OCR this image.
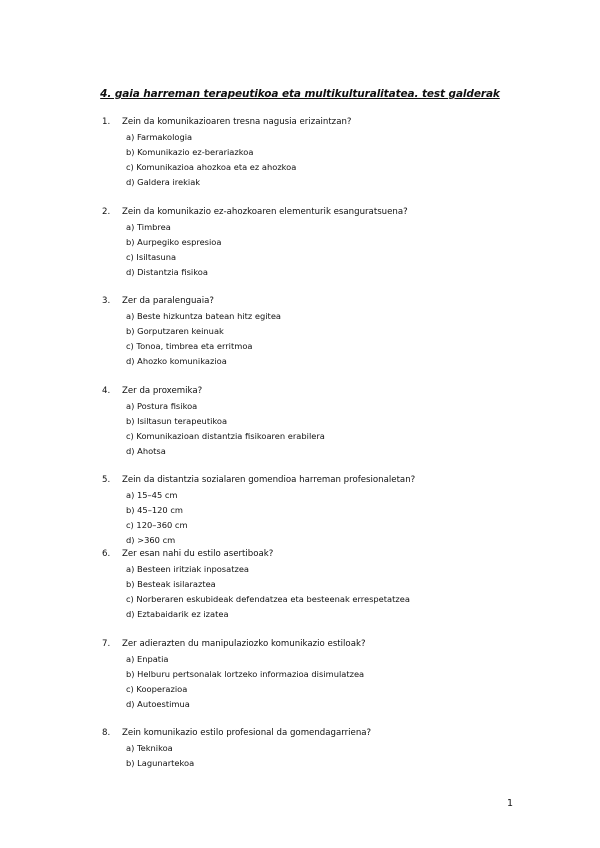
4. gaia harreman terapeutikoa eta multikulturalitatea. test galderak
1.	Zein da komunikazioaren tresna nagusia erizaintzan?
a) Farmakologia
b) Komunikazio ez-berariazkoa
c) Komunikazioa ahozkoa eta ez ahozkoa
d) Galdera irekiak
2.	Zein da komunikazio ez-ahozkoaren elementurik esanguratsuena?
a) Timbrea
b) Aurpegiko espresioa
c) Isiltasuna
d) Distantzia fisikoa
3.	Zer da paralenguaia?
a) Beste hizkuntza batean hitz egitea
b) Gorputzaren keinuak
c) Tonoa, timbrea eta erritmoa
d) Ahozko komunikazioa
4.	Zer da proxemika?
a) Postura fisikoa
b) Isiltasun terapeutikoa
c) Komunikazioan distantzia fisikoaren erabilera
d) Ahotsa
5.	Zein da distantzia sozialaren gomendioa harreman profesionaletan?
a) 15–45 cm
b) 45–120 cm
c) 120–360 cm
d) >360 cm
6.	Zer esan nahi du estilo asertiboak?
a) Besteen iritziak inposatzea
b) Besteak isilaraztea
c) Norberaren eskubideak defendatzea eta besteenak errespetatzea
d) Eztabaidarik ez izatea
7.	Zer adierazten du manipulaziozko komunikazio estiloak?
a) Enpatia
b) Helburu pertsonalak lortzeko informazioa disimulatzea
c) Kooperazioa
d) Autoestimua
8.	Zein komunikazio estilo profesional da gomendagarriena?
a) Teknikoa
b) Lagunartekoa
1
